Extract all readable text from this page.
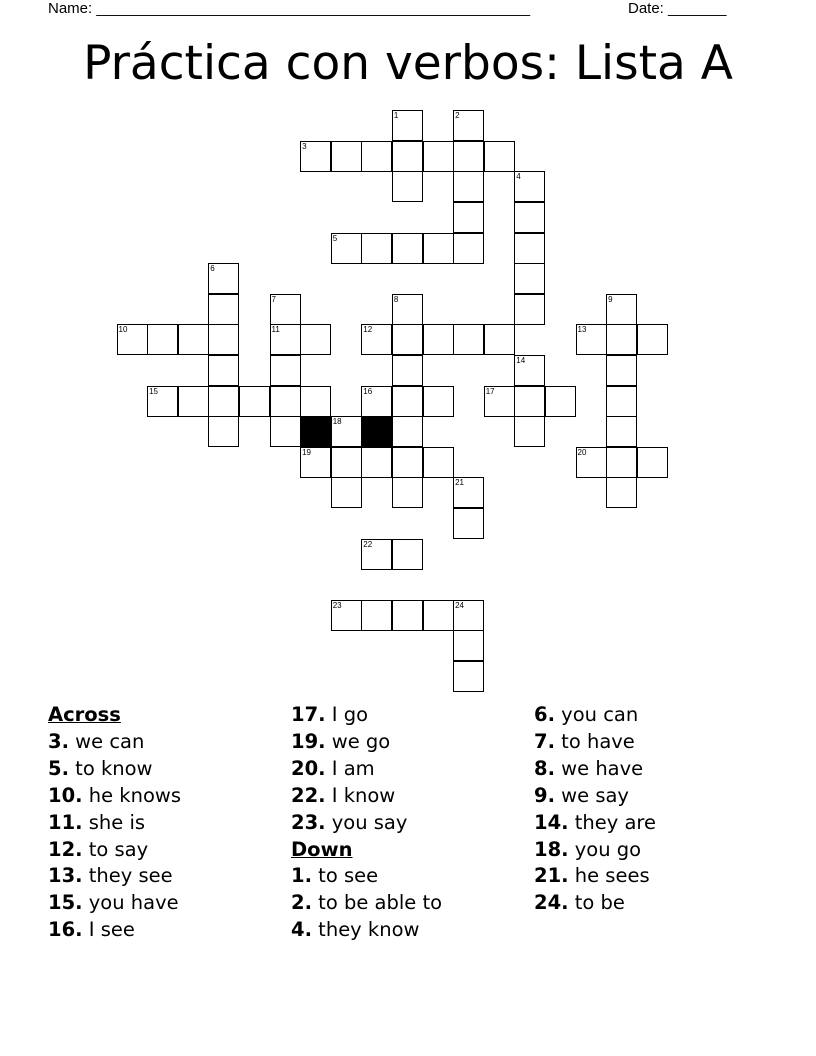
Name: ____________________________________________________	Date: _______
Práctica con verbos: Lista A
1	2
3
4
5
6
7	8	9
10	11	12	13
14
15	16	17
18
19	20
21
22
23	24
Across
3. we can
5. to know
10. he knows
11. she is
12. to say
13. they see
15. you have
16. I see
17. I go
19. we go
20. I am
22. I know
23. you say
Down
1. to see
2. to be able to
4. they know
6. you can
7. to have
8. we have
9. we say
14. they are
18. you go
21. he sees
24. to be
